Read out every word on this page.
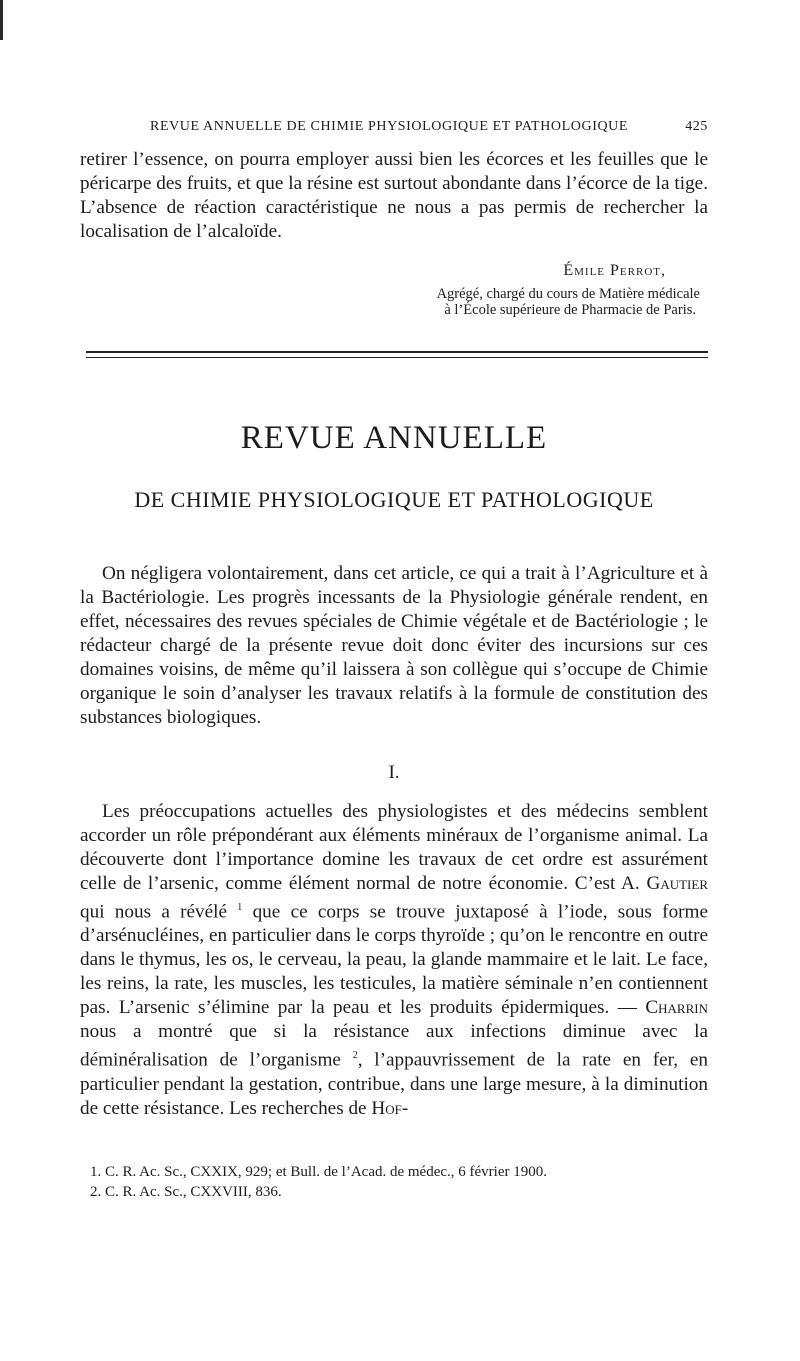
REVUE ANNUELLE DE CHIMIE PHYSIOLOGIQUE ET PATHOLOGIQUE	425

retirer l’essence, on pourra employer aussi bien les écorces et les feuilles que le péricarpe des fruits, et que la résine est surtout abondante dans l’écorce de la tige. L’absence de réaction caractéristique ne nous a pas permis de rechercher la localisation de l’alcaloïde.

Émile Perrot,
Agrégé, chargé du cours de Matière médicale
à l’École supérieure de Pharmacie de Paris.
REVUE ANNUELLE
DE CHIMIE PHYSIOLOGIQUE ET PATHOLOGIQUE
On négligera volontairement, dans cet article, ce qui a trait à l’Agriculture et à la Bactériologie. Les progrès incessants de la Physiologie générale rendent, en effet, nécessaires des revues spéciales de Chimie végétale et de Bactériologie ; le rédacteur chargé de la présente revue doit donc éviter des incursions sur ces domaines voisins, de même qu’il laissera à son collègue qui s’occupe de Chimie organique le soin d’analyser les travaux relatifs à la formule de constitution des substances biologiques.
I.
Les préoccupations actuelles des physiologistes et des médecins semblent accorder un rôle prépondérant aux éléments minéraux de l’organisme animal. La découverte dont l’importance domine les travaux de cet ordre est assurément celle de l’arsenic, comme élément normal de notre économie. C’est A. Gautier qui nous a révélé $^1$ que ce corps se trouve juxtaposé à l’iode, sous forme d’arsénucléines, en particulier dans le corps thyroïde ; qu’on le rencontre en outre dans le thymus, les os, le cerveau, la peau, la glande mammaire et le lait. Le face, les reins, la rate, les muscles, les testicules, la matière séminale n’en contiennent pas. L’arsenic s’élimine par la peau et les produits épidermiques. — Charrin nous a montré que si la résistance aux infections diminue avec la déminéralisation de l’organisme $^2$, l’appauvrissement de la rate en fer, en particulier pendant la gestation, contribue, dans une large mesure, à la diminution de cette résistance. Les recherches de Hof-
1. C. R. Ac. Sc., CXXIX, 929; et Bull. de l’Acad. de médec., 6 février 1900.
2. C. R. Ac. Sc., CXXVIII, 836.
